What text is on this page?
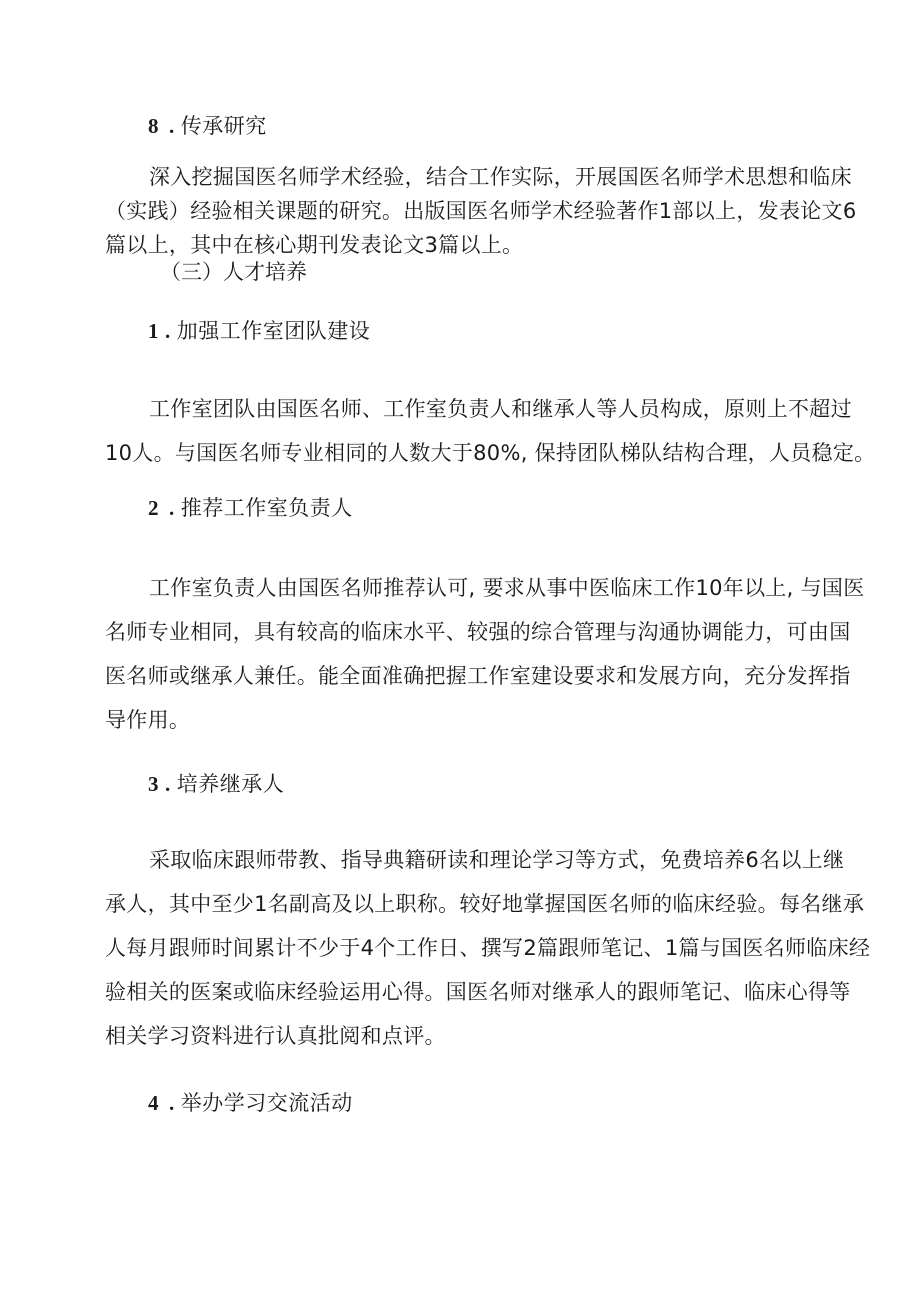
8 . 传承研究
深入挖掘国医名师学术经验，结合工作实际，开展国医名师学术思想和临床
（实践）经验相关课题的研究。出版国医名师学术经验著作1部以上，发表论文6
篇以上，其中在核心期刊发表论文3篇以上。
（三）人才培养
1 . 加强工作室团队建设
工作室团队由国医名师、工作室负责人和继承人等人员构成，原则上不超过
10人。与国医名师专业相同的人数大于80%, 保持团队梯队结构合理，人员稳定。
2 . 推荐工作室负责人
工作室负责人由国医名师推荐认可, 要求从事中医临床工作10年以上, 与国医
名师专业相同，具有较高的临床水平、较强的综合管理与沟通协调能力，可由国
医名师或继承人兼任。能全面准确把握工作室建设要求和发展方向，充分发挥指
导作用。
3 . 培养继承人
采取临床跟师带教、指导典籍研读和理论学习等方式，免费培养6名以上继
承人，其中至少1名副高及以上职称。较好地掌握国医名师的临床经验。每名继承
人每月跟师时间累计不少于4个工作日、撰写2篇跟师笔记、1篇与国医名师临床经
验相关的医案或临床经验运用心得。国医名师对继承人的跟师笔记、临床心得等
相关学习资料进行认真批阅和点评。
4 . 举办学习交流活动
